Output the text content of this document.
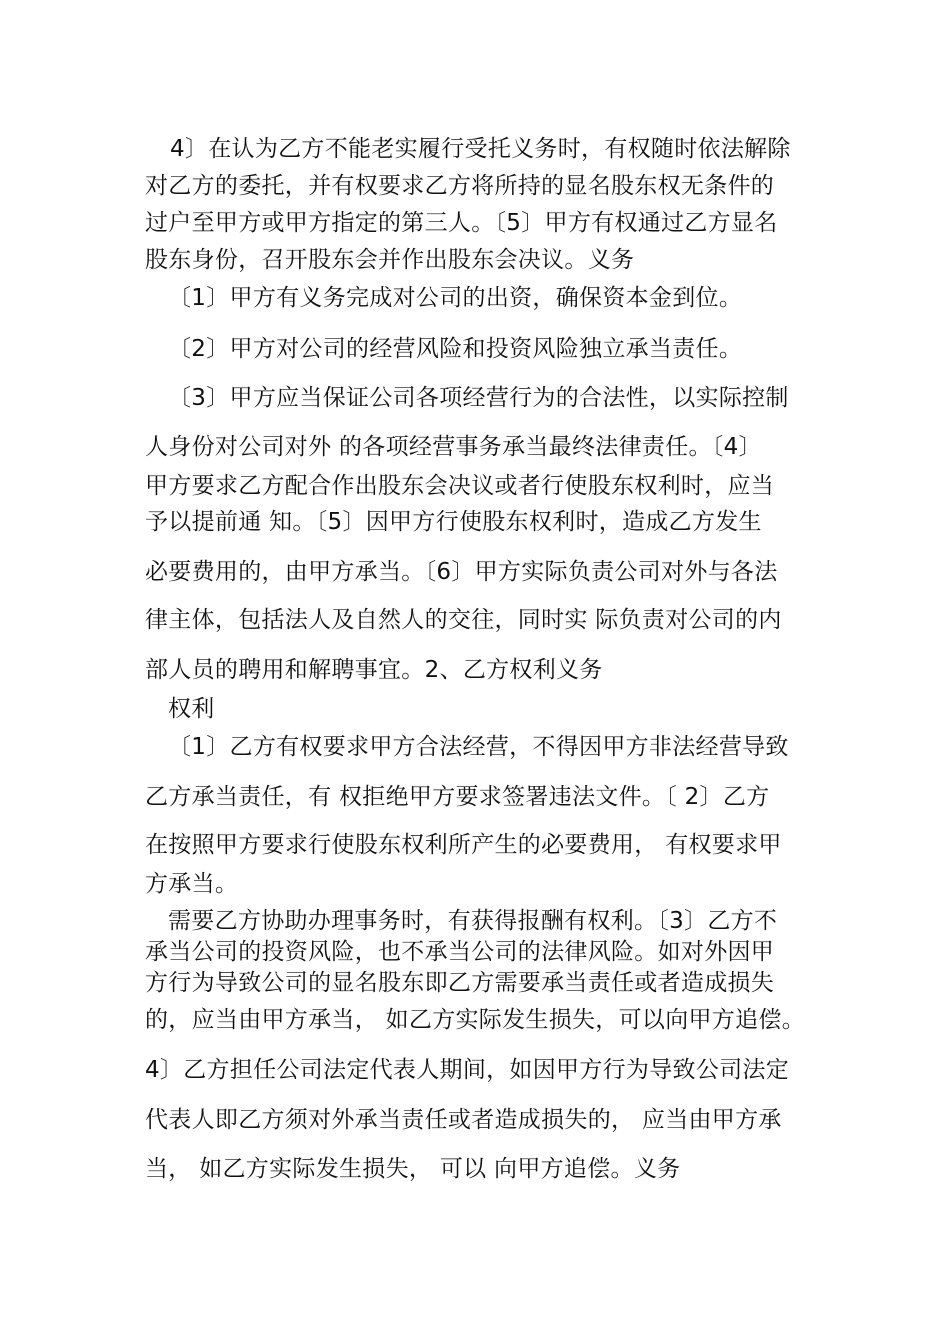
4〕在认为乙方不能老实履行受托义务时，有权随时依法解除
对乙方的委托，并有权要求乙方将所持的显名股东权无条件的
过户至甲方或甲方指定的第三人。〔5〕甲方有权通过乙方显名
股东身份，召开股东会并作出股东会决议。义务
〔1〕甲方有义务完成对公司的出资，确保资本金到位。
〔2〕甲方对公司的经营风险和投资风险独立承当责任。
〔3〕甲方应当保证公司各项经营行为的合法性，以实际控制
人身份对公司对外 的各项经营事务承当最终法律责任。〔4〕
甲方要求乙方配合作出股东会决议或者行使股东权利时，应当
予以提前通 知。〔5〕因甲方行使股东权利时，造成乙方发生
必要费用的，由甲方承当。〔6〕甲方实际负责公司对外与各法
律主体，包括法人及自然人的交往，同时实 际负责对公司的内
部人员的聘用和解聘事宜。2、乙方权利义务
权利
〔1〕乙方有权要求甲方合法经营，不得因甲方非法经营导致
乙方承当责任，有 权拒绝甲方要求签署违法文件。〔 2〕乙方
在按照甲方要求行使股东权利所产生的必要费用， 有权要求甲
方承当。
需要乙方协助办理事务时，有获得报酬有权利。〔3〕乙方不
承当公司的投资风险，也不承当公司的法律风险。如对外因甲
方行为导致公司的显名股东即乙方需要承当责任或者造成损失
的，应当由甲方承当， 如乙方实际发生损失，可以向甲方追偿。
4〕乙方担任公司法定代表人期间，如因甲方行为导致公司法定
代表人即乙方须对外承当责任或者造成损失的， 应当由甲方承
当， 如乙方实际发生损失， 可以 向甲方追偿。义务
